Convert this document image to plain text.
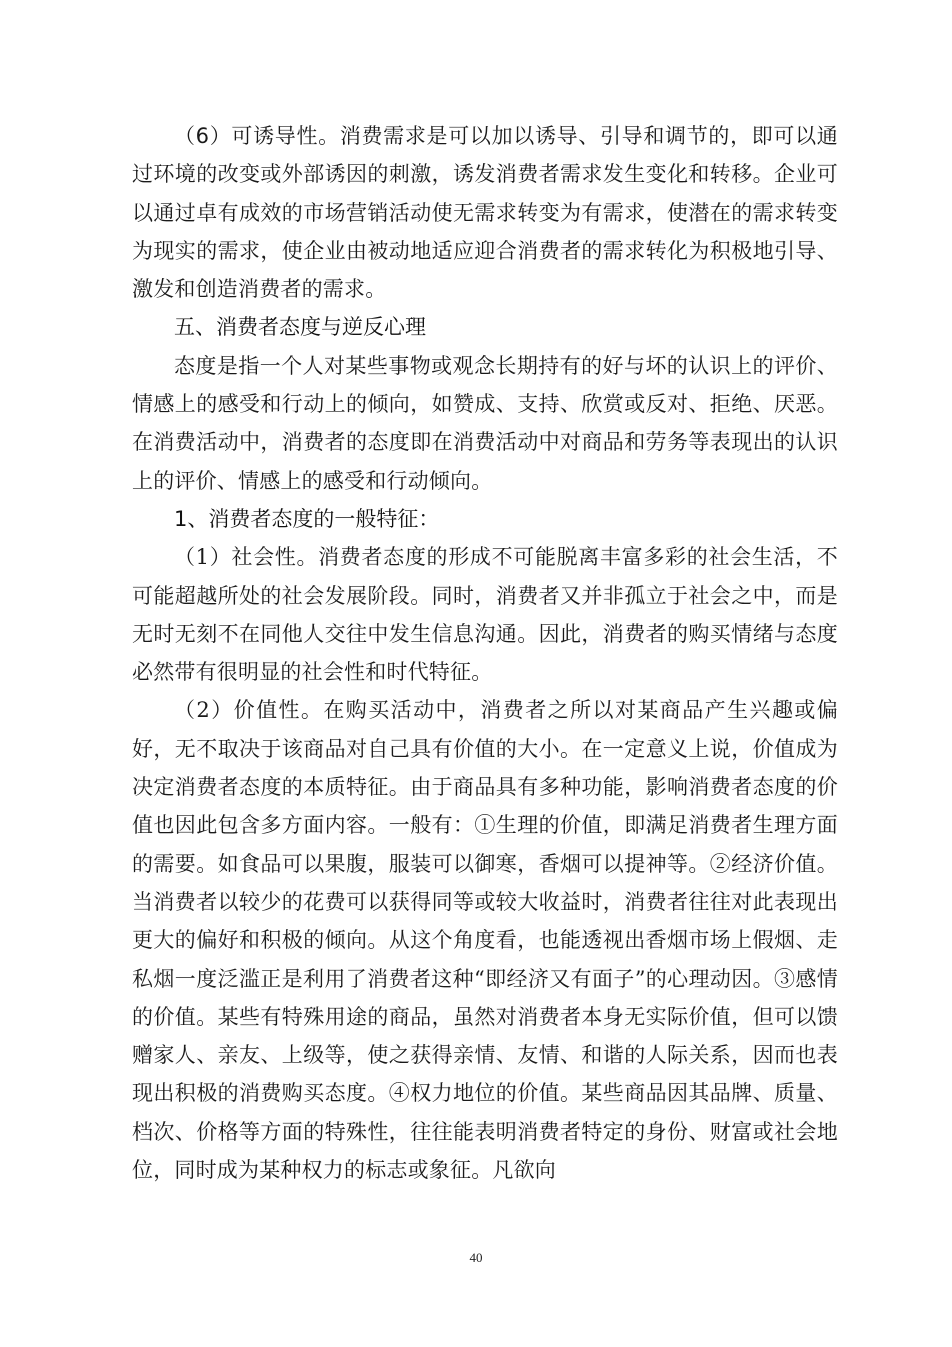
（6）可诱导性。消费需求是可以加以诱导、引导和调节的，即可以通过环境的改变或外部诱因的刺激，诱发消费者需求发生变化和转移。企业可以通过卓有成效的市场营销活动使无需求转变为有需求，使潜在的需求转变为现实的需求，使企业由被动地适应迎合消费者的需求转化为积极地引导、激发和创造消费者的需求。

五、消费者态度与逆反心理

态度是指一个人对某些事物或观念长期持有的好与坏的认识上的评价、情感上的感受和行动上的倾向，如赞成、支持、欣赏或反对、拒绝、厌恶。在消费活动中，消费者的态度即在消费活动中对商品和劳务等表现出的认识上的评价、情感上的感受和行动倾向。

1、消费者态度的一般特征：

（1）社会性。消费者态度的形成不可能脱离丰富多彩的社会生活，不可能超越所处的社会发展阶段。同时，消费者又并非孤立于社会之中，而是无时无刻不在同他人交往中发生信息沟通。因此，消费者的购买情绪与态度必然带有很明显的社会性和时代特征。

（2）价值性。在购买活动中，消费者之所以对某商品产生兴趣或偏好，无不取决于该商品对自己具有价值的大小。在一定意义上说，价值成为决定消费者态度的本质特征。由于商品具有多种功能，影响消费者态度的价值也因此包含多方面内容。一般有：①生理的价值，即满足消费者生理方面的需要。如食品可以果腹，服装可以御寒，香烟可以提神等。②经济价值。当消费者以较少的花费可以获得同等或较大收益时，消费者往往对此表现出更大的偏好和积极的倾向。从这个角度看，也能透视出香烟市场上假烟、走私烟一度泛滥正是利用了消费者这种“即经济又有面子”的心理动因。③感情的价值。某些有特殊用途的商品，虽然对消费者本身无实际价值，但可以馈赠家人、亲友、上级等，使之获得亲情、友情、和谐的人际关系，因而也表现出积极的消费购买态度。④权力地位的价值。某些商品因其品牌、质量、档次、价格等方面的特殊性，往往能表明消费者特定的身份、财富或社会地位，同时成为某种权力的标志或象征。凡欲向

40
